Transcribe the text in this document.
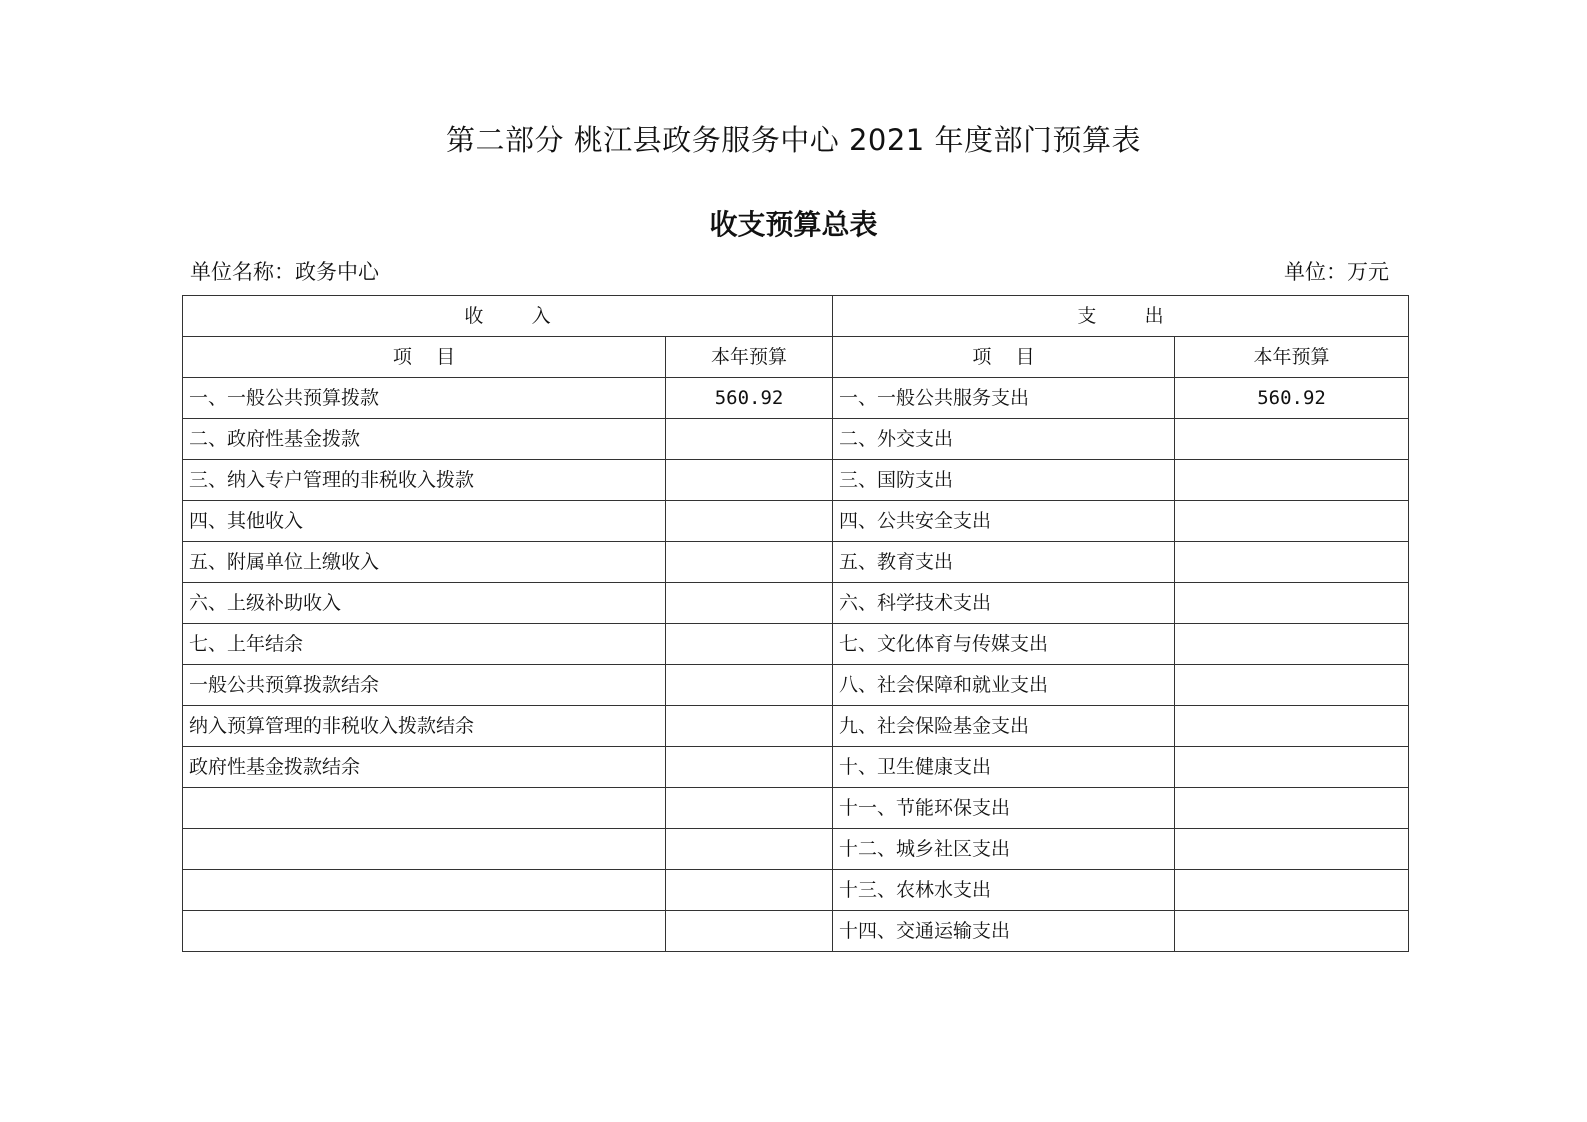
第二部分 桃江县政务服务中心 2021 年度部门预算表
收支预算总表
单位名称：政务中心	单位：万元
收        入		支        出	
项    目	本年预算	项    目	本年预算
一、一般公共预算拨款	560.92	一、一般公共服务支出	560.92
二、政府性基金拨款		二、外交支出	
三、纳入专户管理的非税收入拨款		三、国防支出	
四、其他收入		四、公共安全支出	
五、附属单位上缴收入		五、教育支出	
六、上级补助收入		六、科学技术支出	
七、上年结余		七、文化体育与传媒支出	
一般公共预算拨款结余		八、社会保障和就业支出	
纳入预算管理的非税收入拨款结余		九、社会保险基金支出	
政府性基金拨款结余		十、卫生健康支出	
		十一、节能环保支出	
		十二、城乡社区支出	
		十三、农林水支出	
		十四、交通运输支出	
